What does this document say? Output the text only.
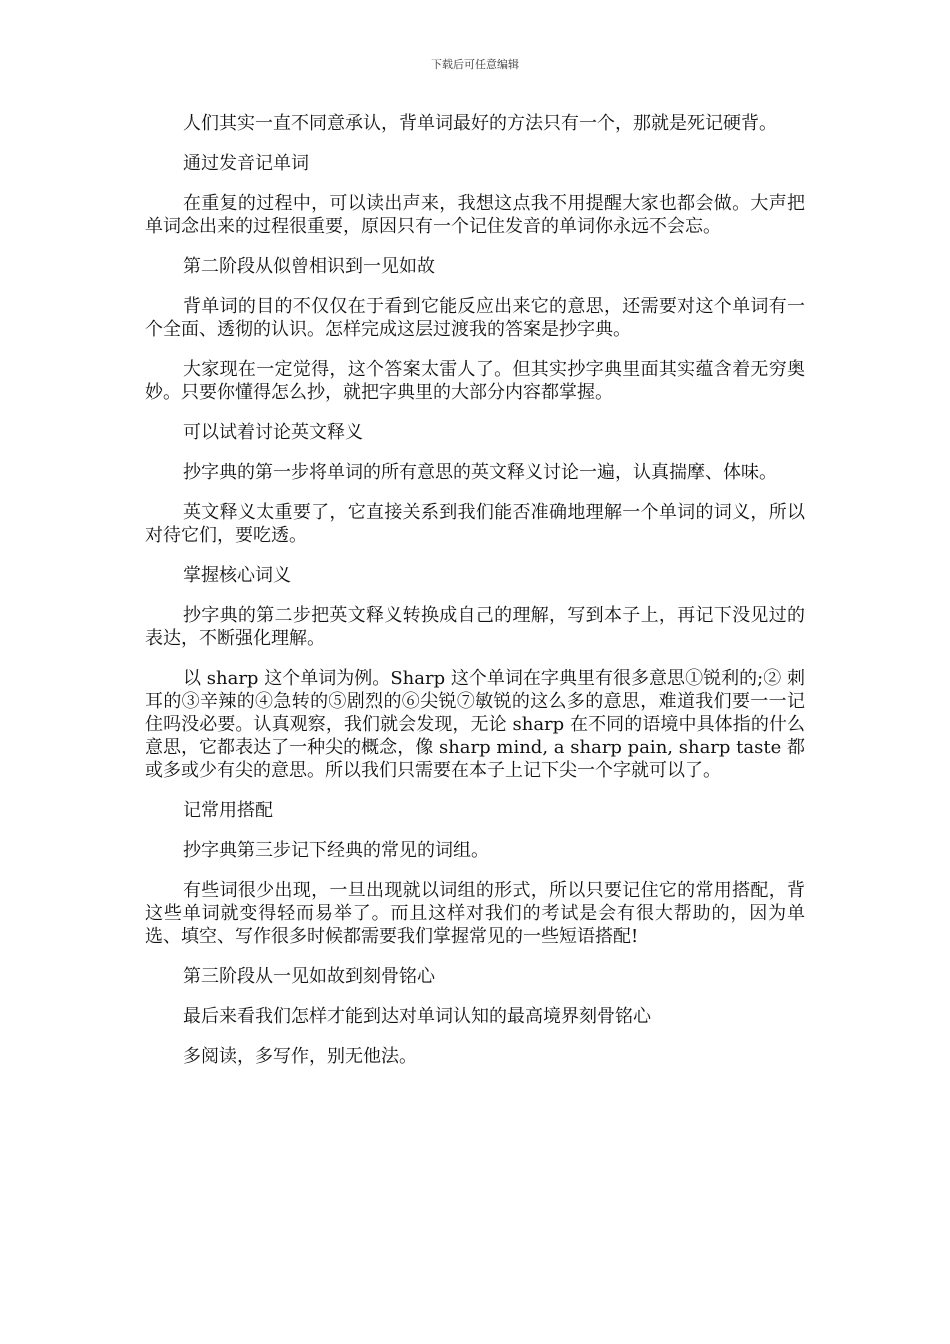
下载后可任意编辑

人们其实一直不同意承认，背单词最好的方法只有一个，那就是死记硬背。

通过发音记单词

在重复的过程中，可以读出声来，我想这点我不用提醒大家也都会做。大声把单词念出来的过程很重要，原因只有一个记住发音的单词你永远不会忘。

第二阶段从似曾相识到一见如故

背单词的目的不仅仅在于看到它能反应出来它的意思，还需要对这个单词有一个全面、透彻的认识。怎样完成这层过渡我的答案是抄字典。

大家现在一定觉得，这个答案太雷人了。但其实抄字典里面其实蕴含着无穷奥妙。只要你懂得怎么抄，就把字典里的大部分内容都掌握。

可以试着讨论英文释义

抄字典的第一步将单词的所有意思的英文释义讨论一遍，认真揣摩、体味。

英文释义太重要了，它直接关系到我们能否准确地理解一个单词的词义，所以对待它们，要吃透。

掌握核心词义

抄字典的第二步把英文释义转换成自己的理解，写到本子上，再记下没见过的表达，不断强化理解。

以 sharp 这个单词为例。Sharp 这个单词在字典里有很多意思①锐利的;② 刺耳的③辛辣的④急转的⑤剧烈的⑥尖锐⑦敏锐的这么多的意思，难道我们要一一记住吗没必要。认真观察，我们就会发现，无论 sharp 在不同的语境中具体指的什么意思，它都表达了一种尖的概念，像 sharp mind, a sharp pain, sharp taste 都或多或少有尖的意思。所以我们只需要在本子上记下尖一个字就可以了。

记常用搭配

抄字典第三步记下经典的常见的词组。

有些词很少出现，一旦出现就以词组的形式，所以只要记住它的常用搭配，背这些单词就变得轻而易举了。而且这样对我们的考试是会有很大帮助的，因为单选、填空、写作很多时候都需要我们掌握常见的一些短语搭配!

第三阶段从一见如故到刻骨铭心

最后来看我们怎样才能到达对单词认知的最高境界刻骨铭心

多阅读，多写作，别无他法。
